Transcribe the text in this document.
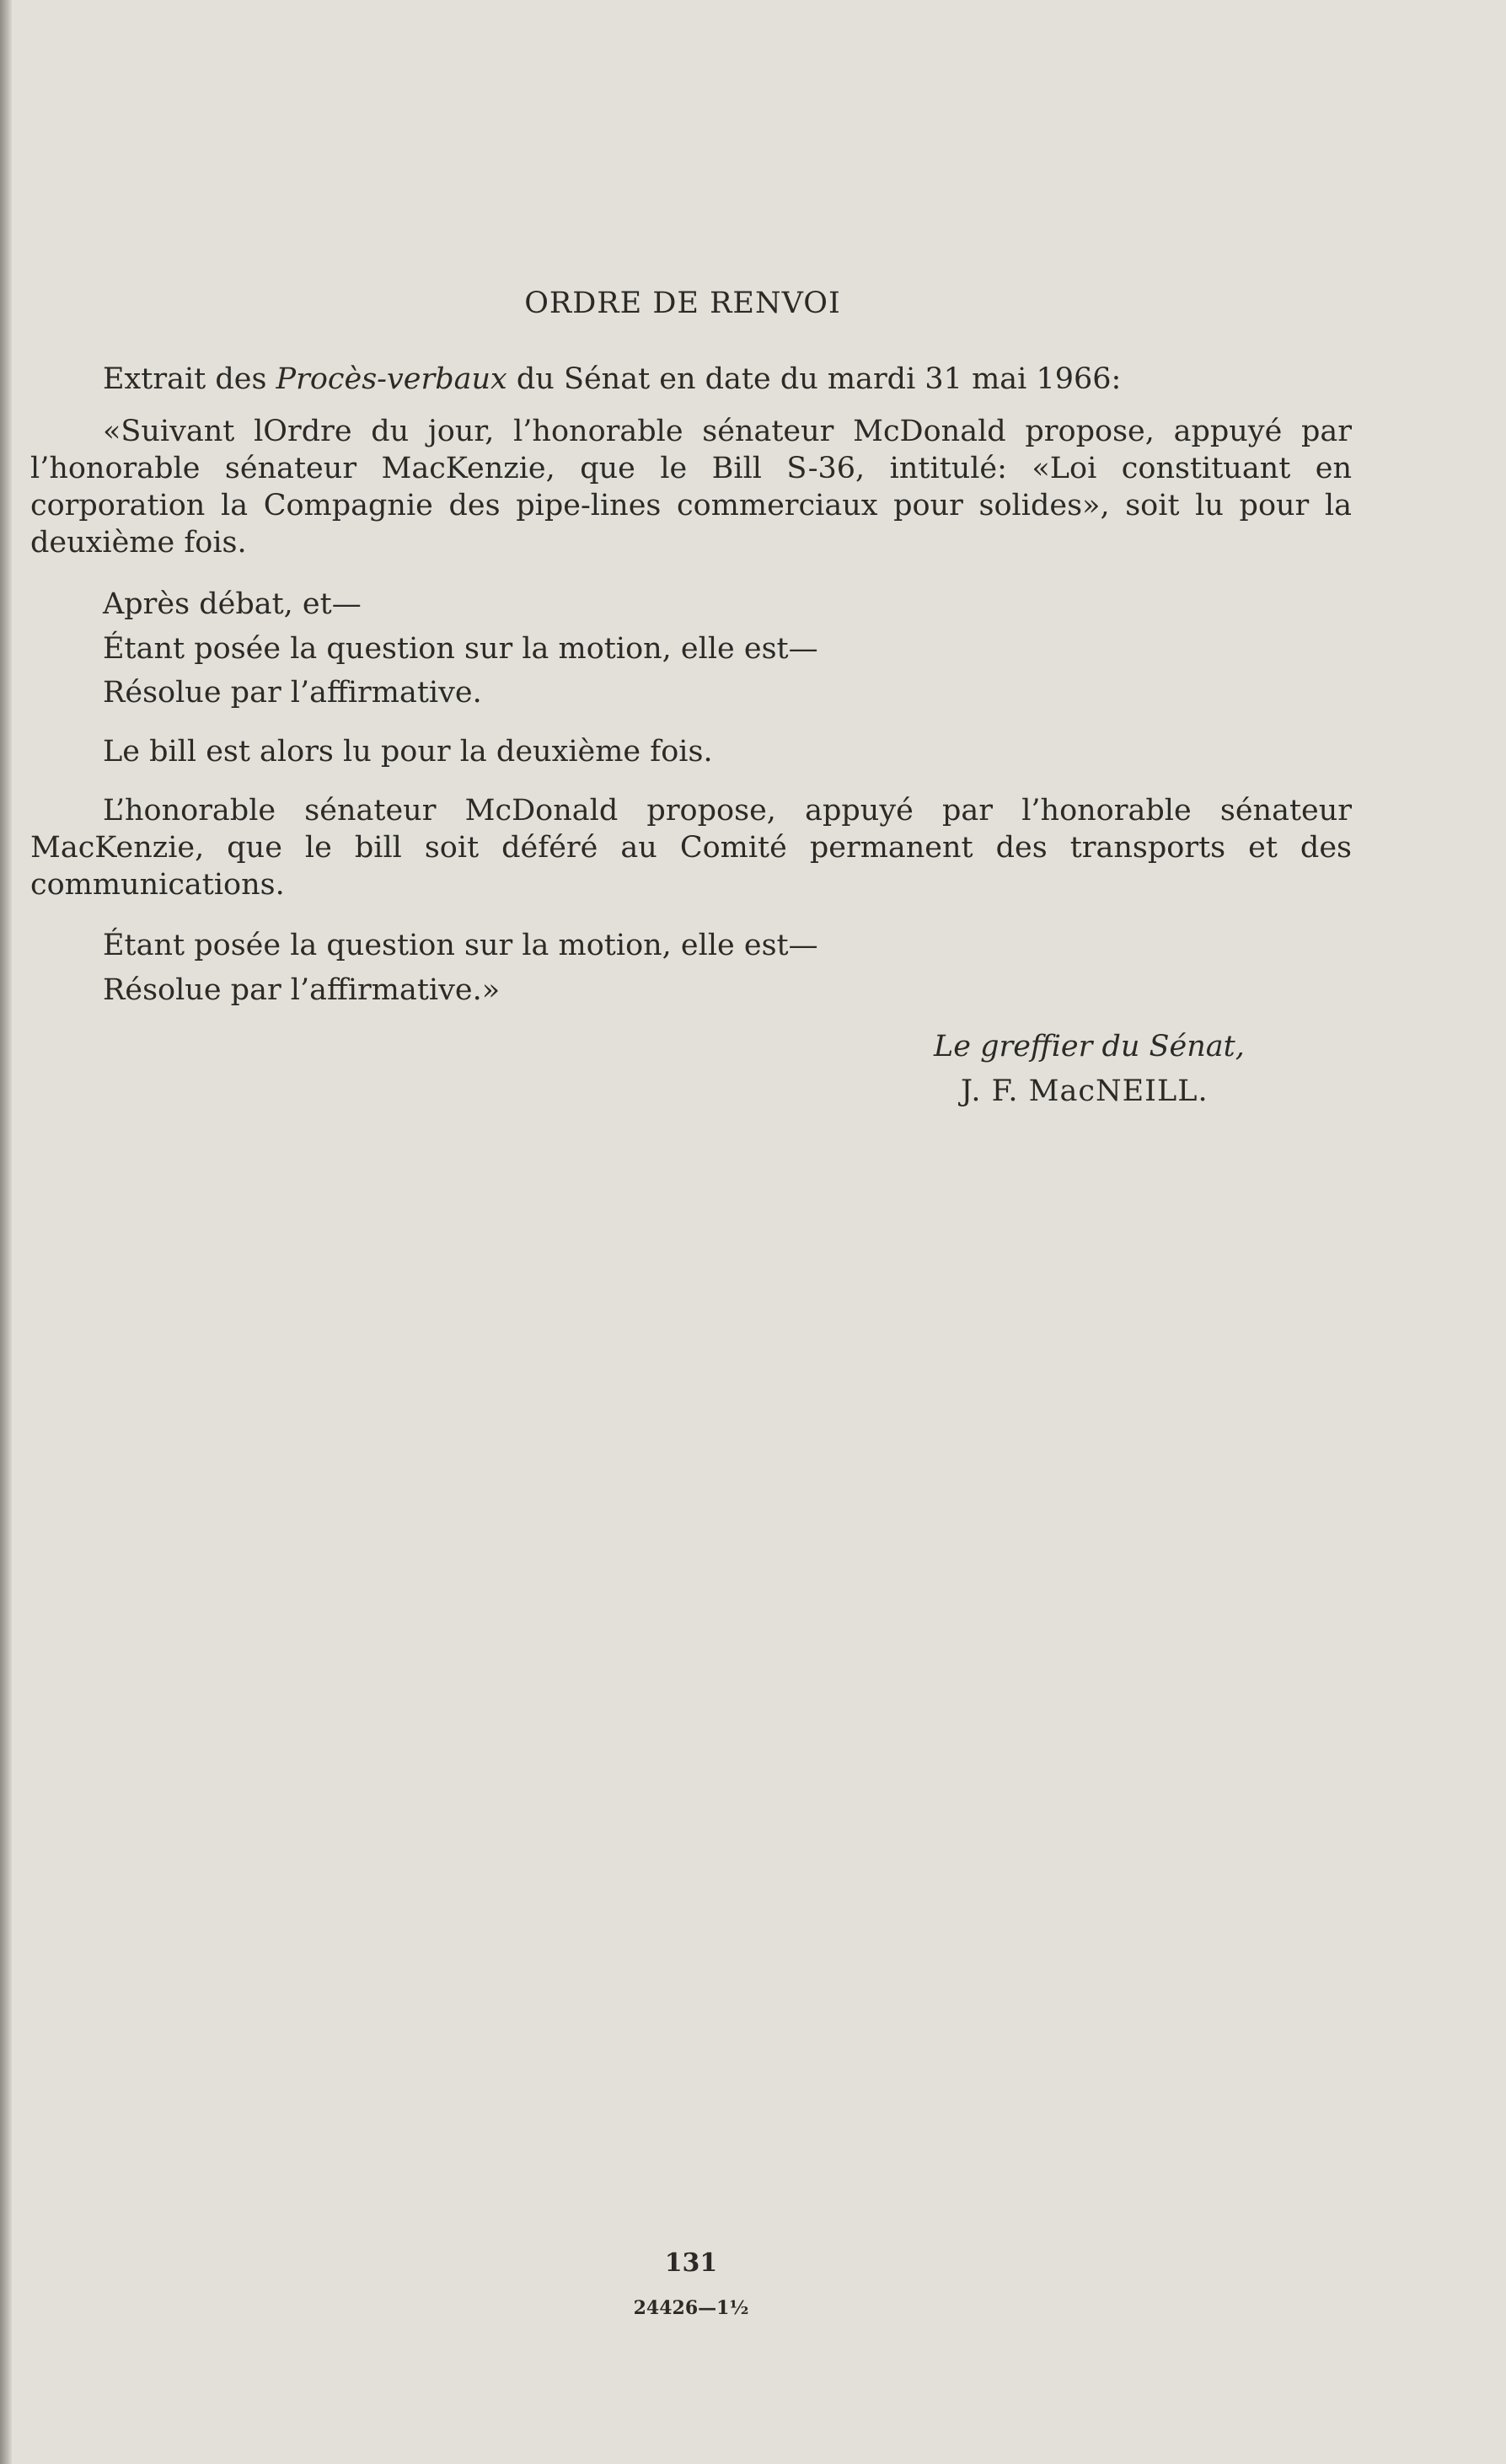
ORDRE DE RENVOI
Extrait des Procès-verbaux du Sénat en date du mardi 31 mai 1966:

«Suivant lOrdre du jour, l’honorable sénateur McDonald propose, appuyé par l’honorable sénateur MacKenzie, que le Bill S-36, intitulé: «Loi constituant en corporation la Compagnie des pipe-lines commerciaux pour solides», soit lu pour la deuxième fois.

Après débat, et—
Étant posée la question sur la motion, elle est—
Résolue par l’affirmative.
Le bill est alors lu pour la deuxième fois.

L’honorable sénateur McDonald propose, appuyé par l’honorable sénateur MacKenzie, que le bill soit déféré au Comité permanent des transports et des communications.

Étant posée la question sur la motion, elle est—
Résolue par l’affirmative.»
Le greffier du Sénat,
J. F. MacNEILL.
131
24426—1½
